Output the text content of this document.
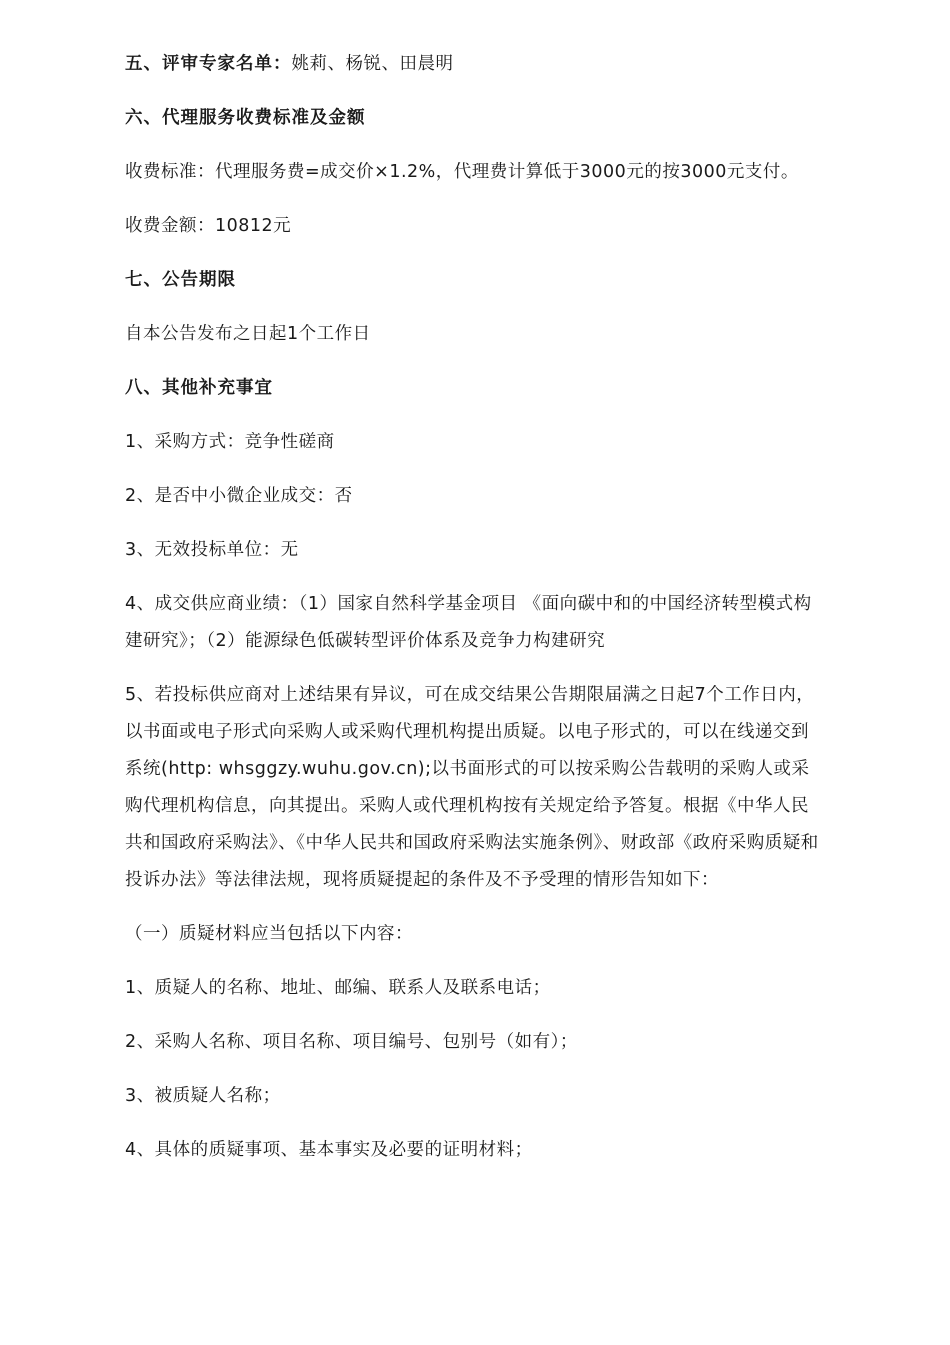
五、评审专家名单：姚莉、杨锐、田晨明

六、代理服务收费标准及金额

收费标准：代理服务费=成交价×1.2%，代理费计算低于3000元的按3000元支付。

收费金额：10812元

七、公告期限

自本公告发布之日起1个工作日

八、其他补充事宜

1、采购方式：竞争性磋商

2、是否中小微企业成交：否

3、无效投标单位：无

4、成交供应商业绩：（1）国家自然科学基金项目 《面向碳中和的中国经济转型模式构建研究》；（2）能源绿色低碳转型评价体系及竞争力构建研究

5、若投标供应商对上述结果有异议，可在成交结果公告期限届满之日起7个工作日内，以书面或电子形式向采购人或采购代理机构提出质疑。以电子形式的，可以在线递交到系统(http: whsggzy.wuhu.gov.cn);以书面形式的可以按采购公告载明的采购人或采购代理机构信息，向其提出。采购人或代理机构按有关规定给予答复。根据《中华人民共和国政府采购法》、《中华人民共和国政府采购法实施条例》、财政部《政府采购质疑和投诉办法》等法律法规，现将质疑提起的条件及不予受理的情形告知如下：

（一）质疑材料应当包括以下内容：

1、质疑人的名称、地址、邮编、联系人及联系电话；

2、采购人名称、项目名称、项目编号、包别号（如有）；

3、被质疑人名称；

4、具体的质疑事项、基本事实及必要的证明材料；
